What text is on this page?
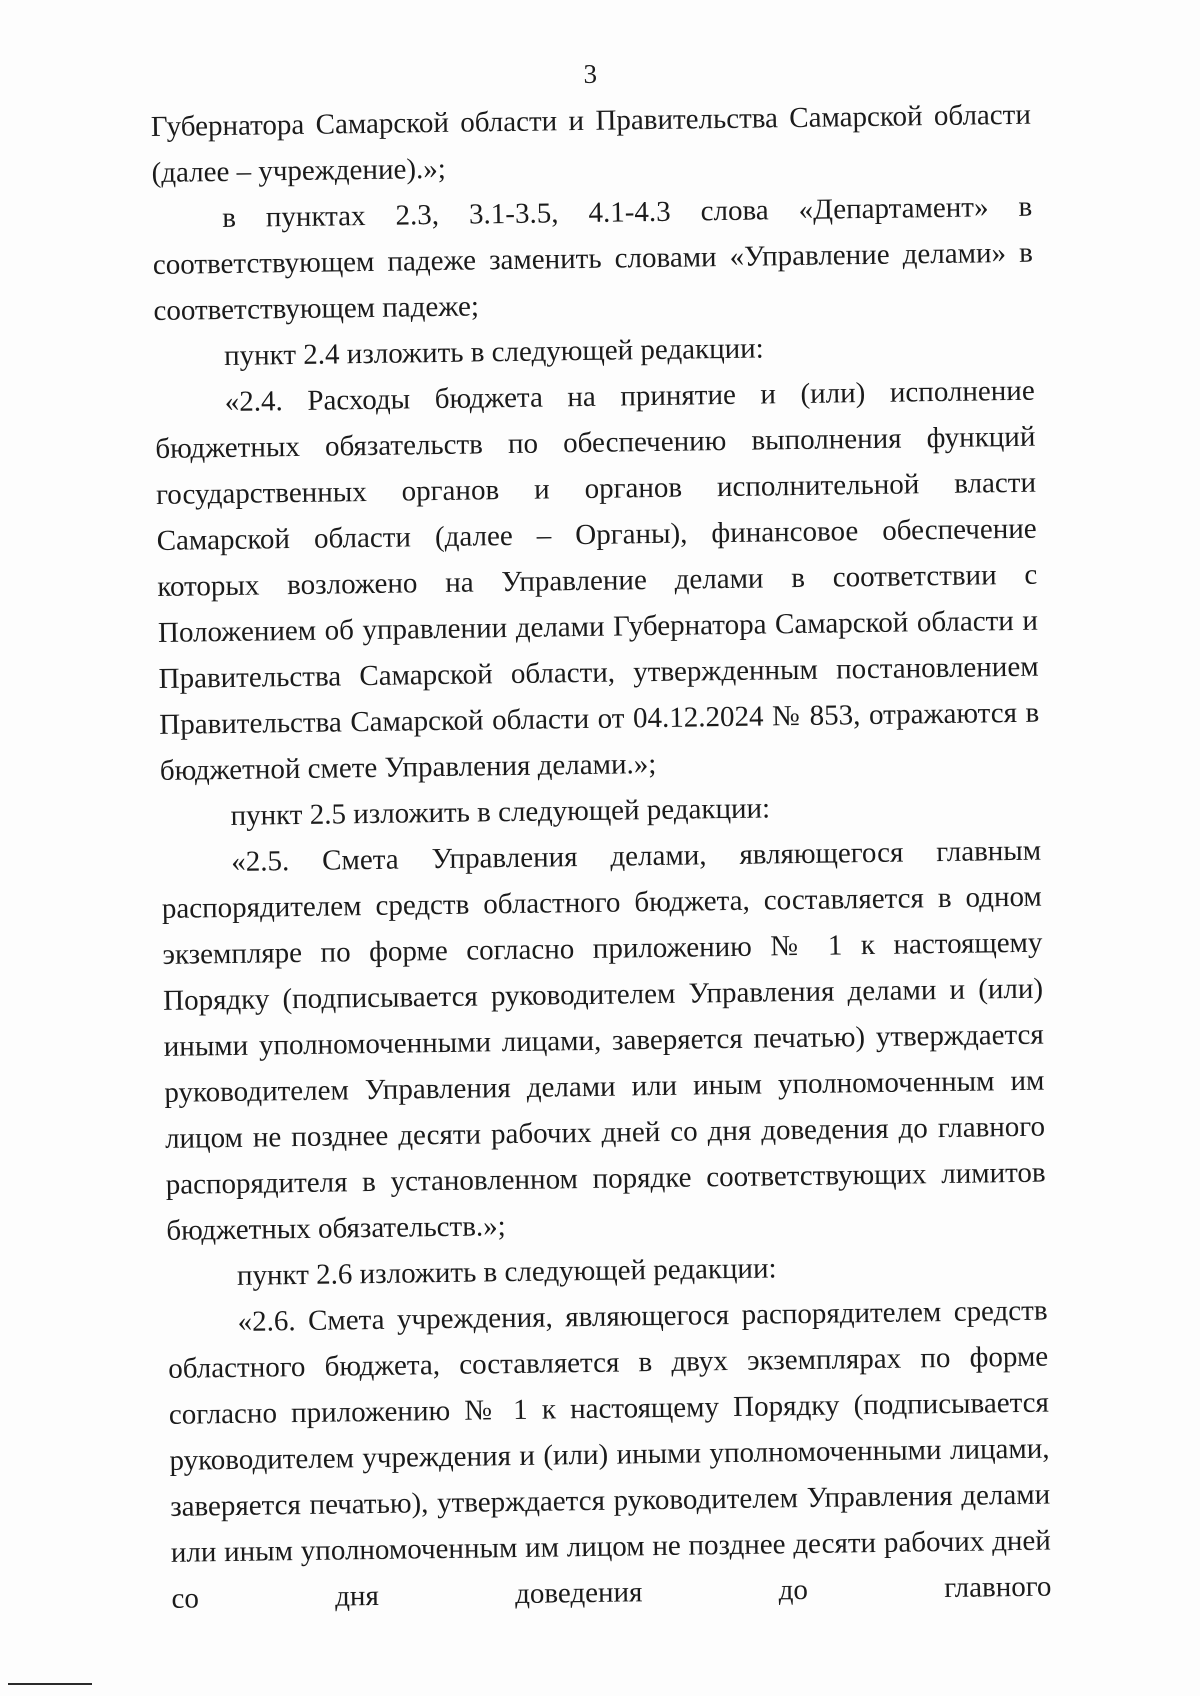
3

Губернатора Самарской области и Правительства Самарской области (далее – учреждение).»;

в пунктах 2.3, 3.1-3.5, 4.1-4.3 слова «Департамент» в соответствующем падеже заменить словами «Управление делами» в соответствующем падеже;

пункт 2.4 изложить в следующей редакции:

«2.4. Расходы бюджета на принятие и (или) исполнение бюджетных обязательств по обеспечению выполнения функций государственных органов и органов исполнительной власти Самарской области (далее – Органы), финансовое обеспечение которых возложено на Управление делами в соответствии с Положением об управлении делами Губернатора Самарской области и Правительства Самарской области, утвержденным постановлением Правительства Самарской области от 04.12.2024 № 853, отражаются в бюджетной смете Управления делами.»;

пункт 2.5 изложить в следующей редакции:

«2.5. Смета Управления делами, являющегося главным распорядителем средств областного бюджета, составляется в одном экземпляре по форме согласно приложению № 1 к настоящему Порядку (подписывается руководителем Управления делами и (или) иными уполномоченными лицами, заверяется печатью) утверждается руководителем Управления делами или иным уполномоченным им лицом не позднее десяти рабочих дней со дня доведения до главного распорядителя в установленном порядке соответствующих лимитов бюджетных обязательств.»;

пункт 2.6 изложить в следующей редакции:

«2.6. Смета учреждения, являющегося распорядителем средств областного бюджета, составляется в двух экземплярах по форме согласно приложению № 1 к настоящему Порядку (подписывается руководителем учреждения и (или) иными уполномоченными лицами, заверяется печатью), утверждается руководителем Управления делами или иным уполномоченным им лицом не позднее десяти рабочих дней со дня доведения до главного
